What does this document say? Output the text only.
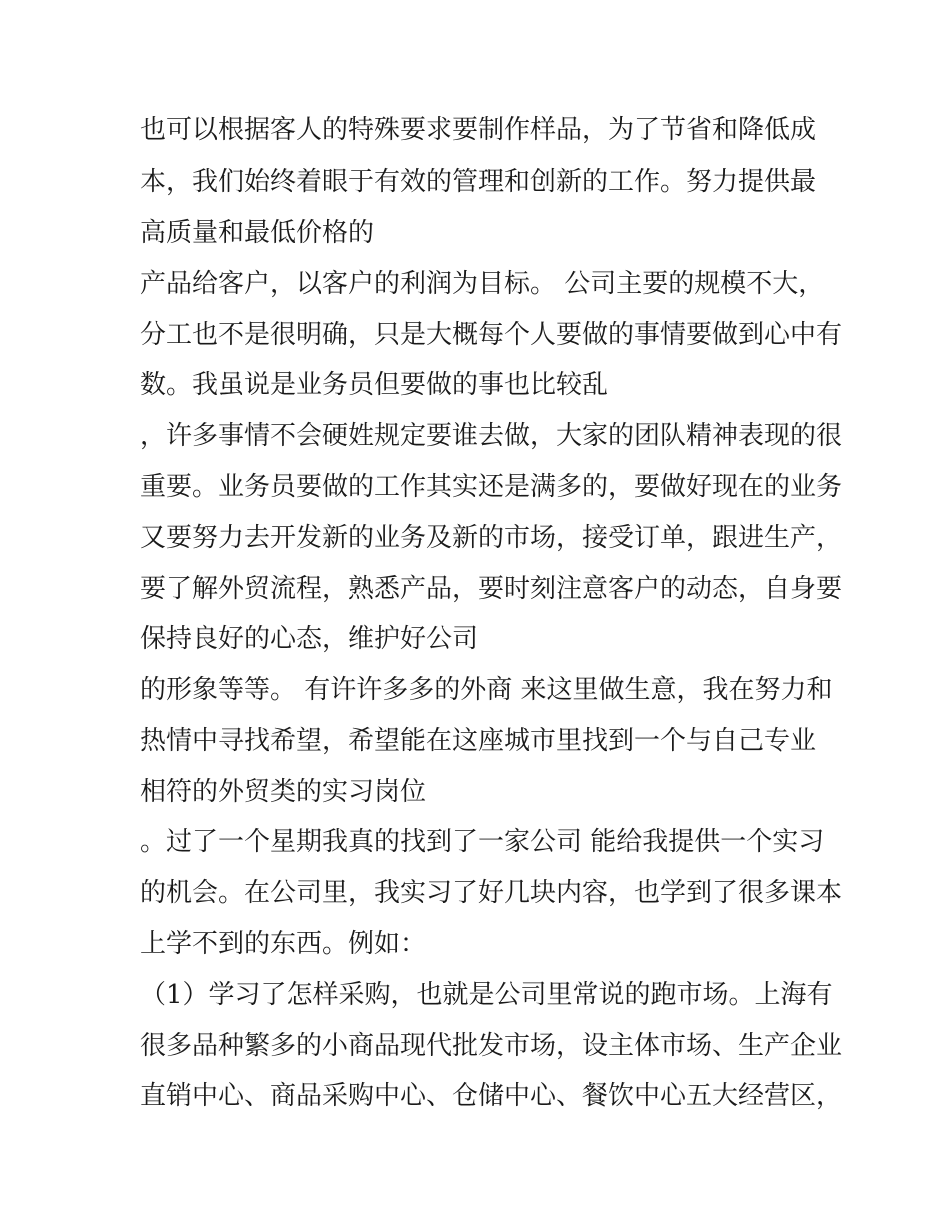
也可以根据客人的特殊要求要制作样品，为了节省和降低成
本，我们始终着眼于有效的管理和创新的工作。努力提供最
高质量和最低价格的
产品给客户，以客户的利润为目标。 公司主要的规模不大，
分工也不是很明确，只是大概每个人要做的事情要做到心中有
数。我虽说是业务员但要做的事也比较乱
，许多事情不会硬姓规定要谁去做，大家的团队精神表现的很
重要。业务员要做的工作其实还是满多的，要做好现在的业务
又要努力去开发新的业务及新的市场，接受订单，跟进生产，
要了解外贸流程，熟悉产品，要时刻注意客户的动态，自身要
保持良好的心态，维护好公司
的形象等等。 有许许多多的外商 来这里做生意，我在努力和
热情中寻找希望，希望能在这座城市里找到一个与自己专业
相符的外贸类的实习岗位
。过了一个星期我真的找到了一家公司 能给我提供一个实习
的机会。在公司里，我实习了好几块内容，也学到了很多课本
上学不到的东西。例如：
（1）学习了怎样采购，也就是公司里常说的跑市场。上海有
很多品种繁多的小商品现代批发市场，设主体市场、生产企业
直销中心、商品采购中心、仓储中心、餐饮中心五大经营区，
